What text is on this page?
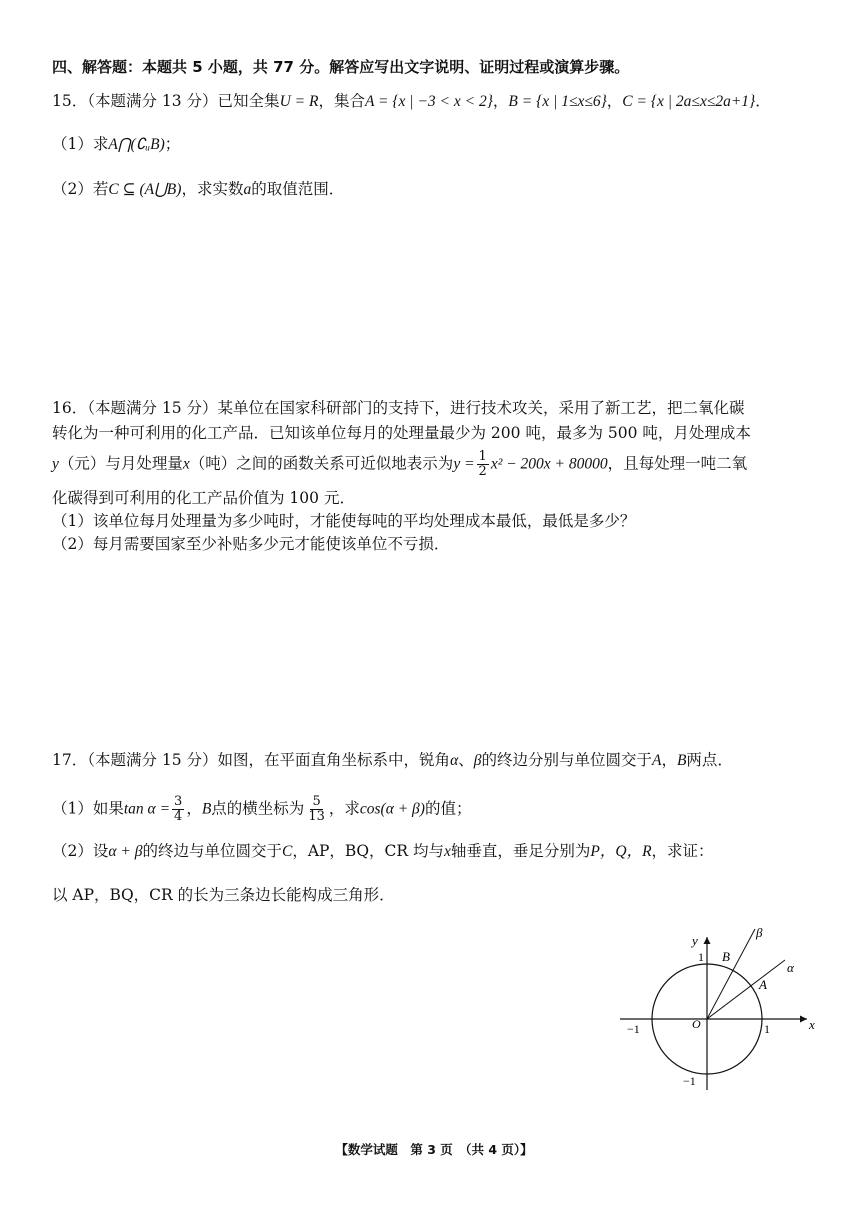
四、解答题：本题共 5 小题，共 77 分。解答应写出文字说明、证明过程或演算步骤。
15．（本题满分 13 分）已知全集U = R，集合A = {x | −3 < x < 2}，B = {x | 1≤x≤6}，C = {x | 2a≤x≤2a+1}．
（1）求A⋂(∁ᵤB)；
（2）若C ⊆ (A⋃B)，求实数a的取值范围．
16．（本题满分 15 分）某单位在国家科研部门的支持下，进行技术攻关，采用了新工艺，把二氧化碳
转化为一种可利用的化工产品．已知该单位每月的处理量最少为 200 吨，最多为 500 吨，月处理成本
y（元）与月处理量x（吨）之间的函数关系可近似地表示为$y = \frac{1}{2} x^2 - 200x + 80000$，且每处理一吨二氧
化碳得到可利用的化工产品价值为 100 元．
（1）该单位每月处理量为多少吨时，才能使每吨的平均处理成本最低，最低是多少？
（2）每月需要国家至少补贴多少元才能使该单位不亏损．
17．（本题满分 15 分）如图，在平面直角坐标系中，锐角α、β的终边分别与单位圆交于A，B两点．
（1）如果$\tan \alpha = \frac{3}{4}$ ，B点的横坐标为 $\frac{5}{13}$ ，求cos(α + β)的值；
（2）设α + β的终边与单位圆交于C，AP，BQ，CR 均与x轴垂直，垂足分别为P，Q，R，求证：
以 AP，BQ，CR 的长为三条边长能构成三角形．
y
x
O	1
−1
1
−1
A
B
α
β
【数学试题　第 3 页　（共 4 页）】
